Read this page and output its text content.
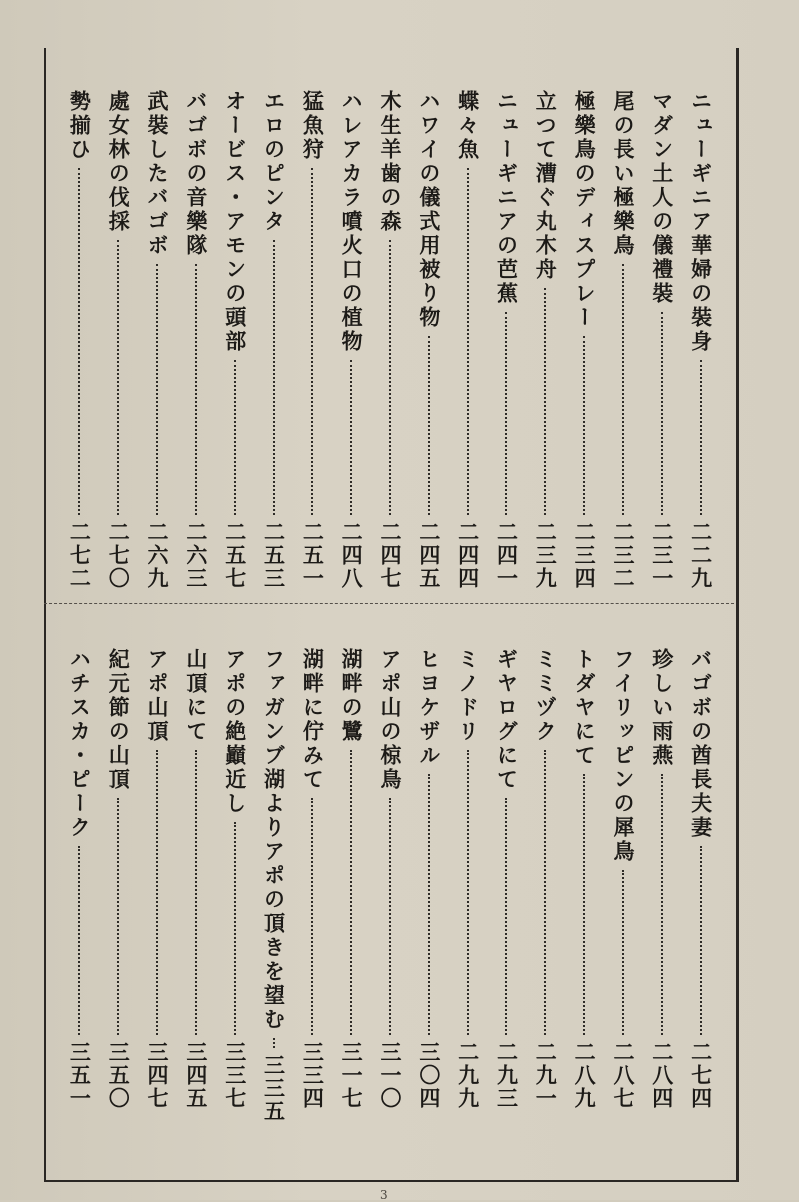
ニューギニア華婦の裝身
二二九
マダン土人の儀禮裝
二三一
尾の長い極樂鳥
二三二
極樂鳥のディスプレー
二三四
立つて漕ぐ丸木舟
二三九
ニューギニアの芭蕉
二四一
蝶々魚
二四四
ハワイの儀式用被り物
二四五
木生羊歯の森
二四七
ハレアカラ噴火口の植物
二四八
猛魚狩
二五一
エロのピンタ
二五三
オービス・アモンの頭部
二五七
バゴボの音樂隊
二六三
武裝したバゴボ
二六九
處女林の伐採
二七〇
勢揃ひ
二七二
バゴボの酋長夫妻
二七四
珍しい雨燕
二八四
フイリッピンの犀鳥
二八七
トダヤにて
二八九
ミミヅク
二九一
ギヤログにて
二九三
ミノドリ
二九九
ヒヨケザル
三〇四
アポ山の椋鳥
三一〇
湖畔の鷺
三一七
湖畔に佇みて
三三四
ファガンブ湖よりアポの頂きを望む
三三五
アポの絶巓近し
三三七
山頂にて
三四五
アポ山頂
三四七
紀元節の山頂
三五〇
ハチスカ・ピーク
三五一
3
